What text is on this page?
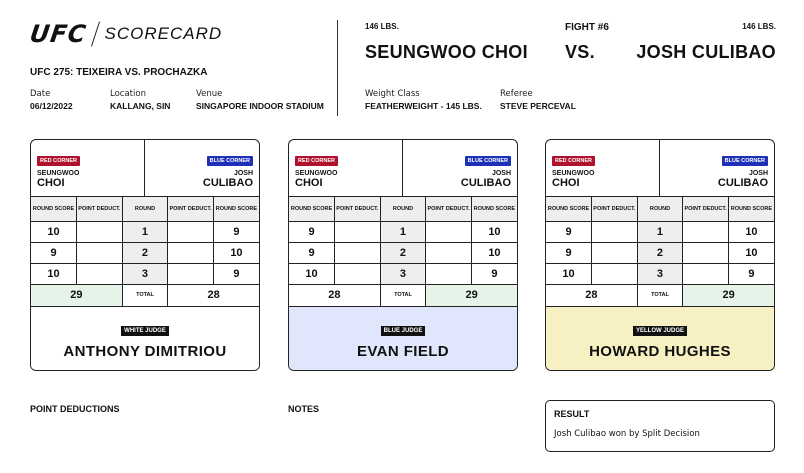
UFC SCORECARD
UFC 275: TEIXEIRA VS. PROCHAZKA
Date
06/12/2022
Location
KALLANG, SIN
Venue
SINGAPORE INDOOR STADIUM
146 LBS.	FIGHT #6	146 LBS.
SEUNGWOO CHOI VS. JOSH CULIBAO
Weight Class
FEATHERWEIGHT - 145 LBS.
Referee
STEVE PERCEVAL
RED CORNER
SEUNGWOO
CHOI
BLUE CORNER
JOSH
CULIBAO
ROUND SCORE	POINT DEDUCT.	ROUND	POINT DEDUCT.	ROUND SCORE
10		1		9
9		2		10
10		3		9
29		TOTAL	28	
WHITE JUDGE
ANTHONY DIMITRIOU
RED CORNER
SEUNGWOO
CHOI
BLUE CORNER
JOSH
CULIBAO
ROUND SCORE	POINT DEDUCT.	ROUND	POINT DEDUCT.	ROUND SCORE
9		1		10
9		2		10
10		3		9
28		TOTAL	29	
BLUE JUDGE
EVAN FIELD
RED CORNER
SEUNGWOO
CHOI
BLUE CORNER
JOSH
CULIBAO
ROUND SCORE	POINT DEDUCT.	ROUND	POINT DEDUCT.	ROUND SCORE
9		1		10
9		2		10
10		3		9
28		TOTAL	29	
YELLOW JUDGE
HOWARD HUGHES
POINT DEDUCTIONS	NOTES	RESULT
Josh Culibao won by Split Decision
